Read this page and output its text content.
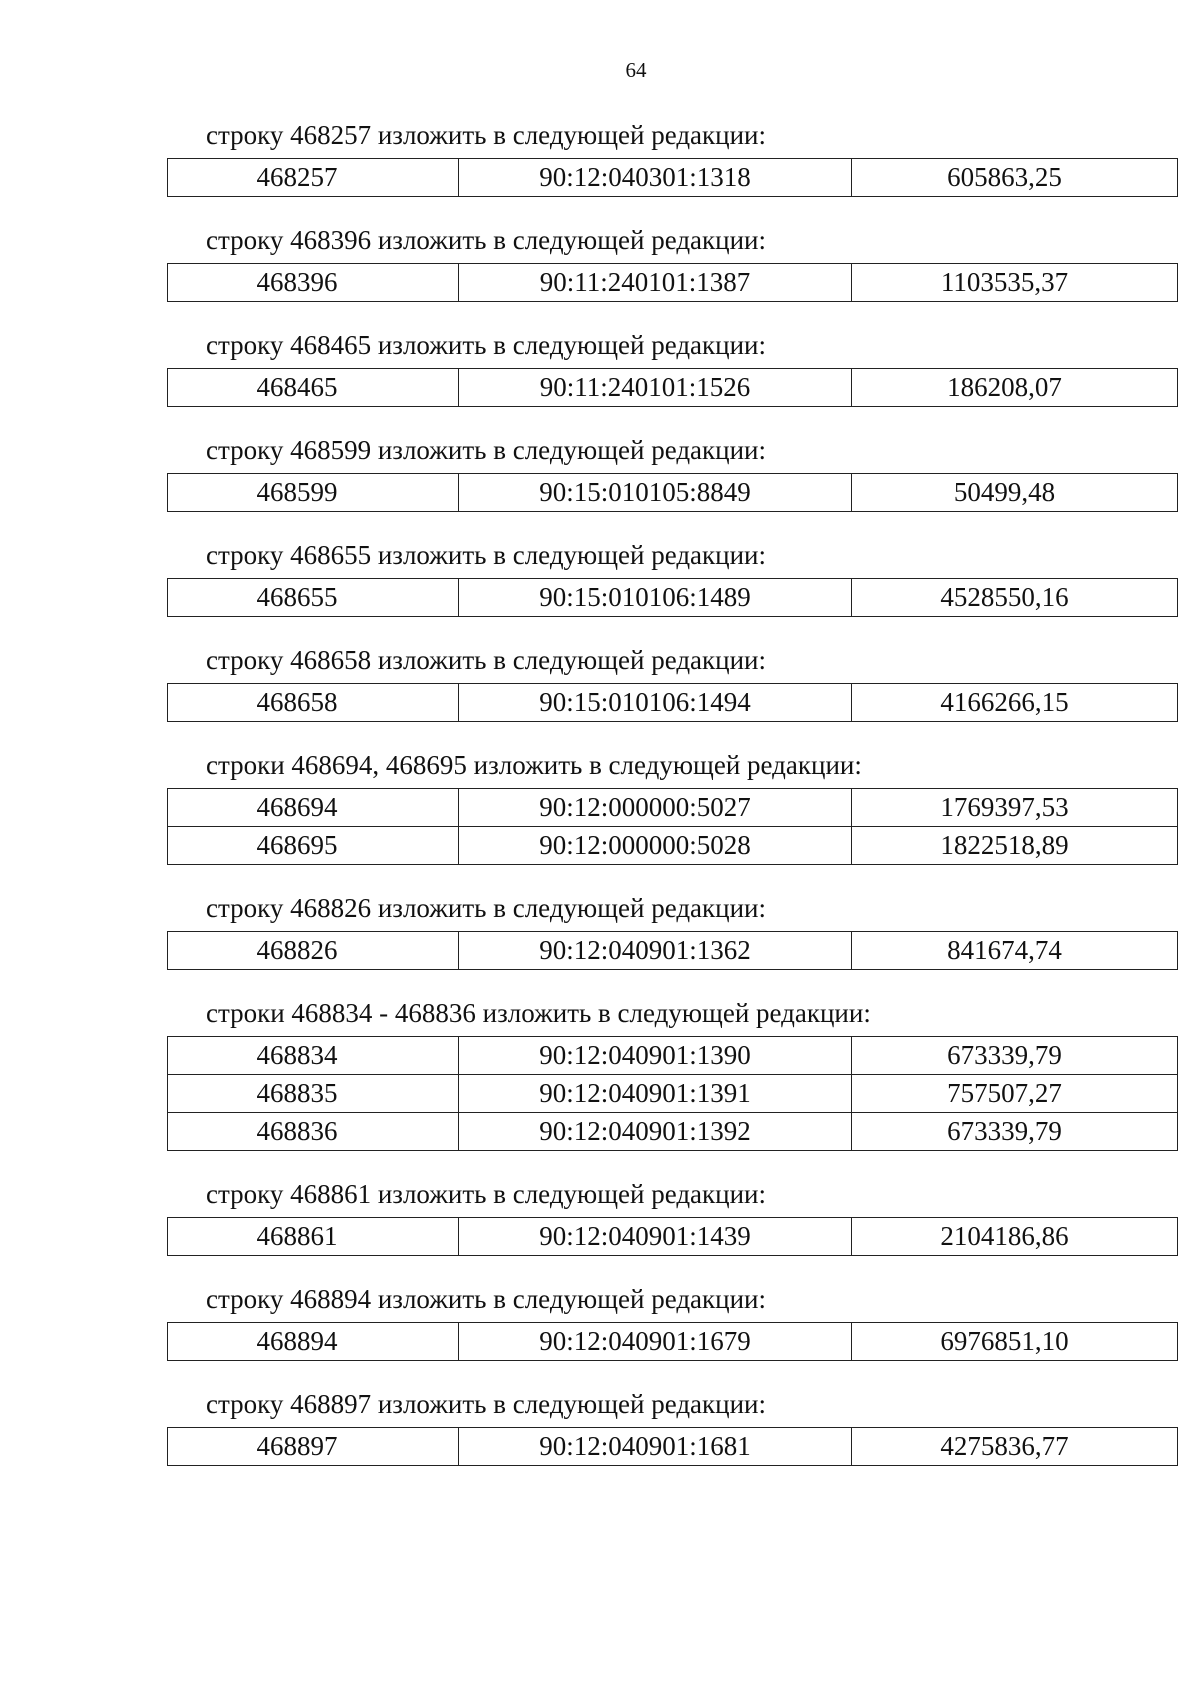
64
строку 468257 изложить в следующей редакции:
468257	90:12:040301:1318	605863,25
строку 468396 изложить в следующей редакции:
468396	90:11:240101:1387	1103535,37
строку 468465 изложить в следующей редакции:
468465	90:11:240101:1526	186208,07
строку 468599 изложить в следующей редакции:
468599	90:15:010105:8849	50499,48
строку 468655 изложить в следующей редакции:
468655	90:15:010106:1489	4528550,16
строку 468658 изложить в следующей редакции:
468658	90:15:010106:1494	4166266,15
строки 468694, 468695 изложить в следующей редакции:
468694	90:12:000000:5027	1769397,53
468695	90:12:000000:5028	1822518,89
строку 468826 изложить в следующей редакции:
468826	90:12:040901:1362	841674,74
строки 468834 - 468836 изложить в следующей редакции:
468834	90:12:040901:1390	673339,79
468835	90:12:040901:1391	757507,27
468836	90:12:040901:1392	673339,79
строку 468861 изложить в следующей редакции:
468861	90:12:040901:1439	2104186,86
строку 468894 изложить в следующей редакции:
468894	90:12:040901:1679	6976851,10
строку 468897 изложить в следующей редакции:
468897	90:12:040901:1681	4275836,77
